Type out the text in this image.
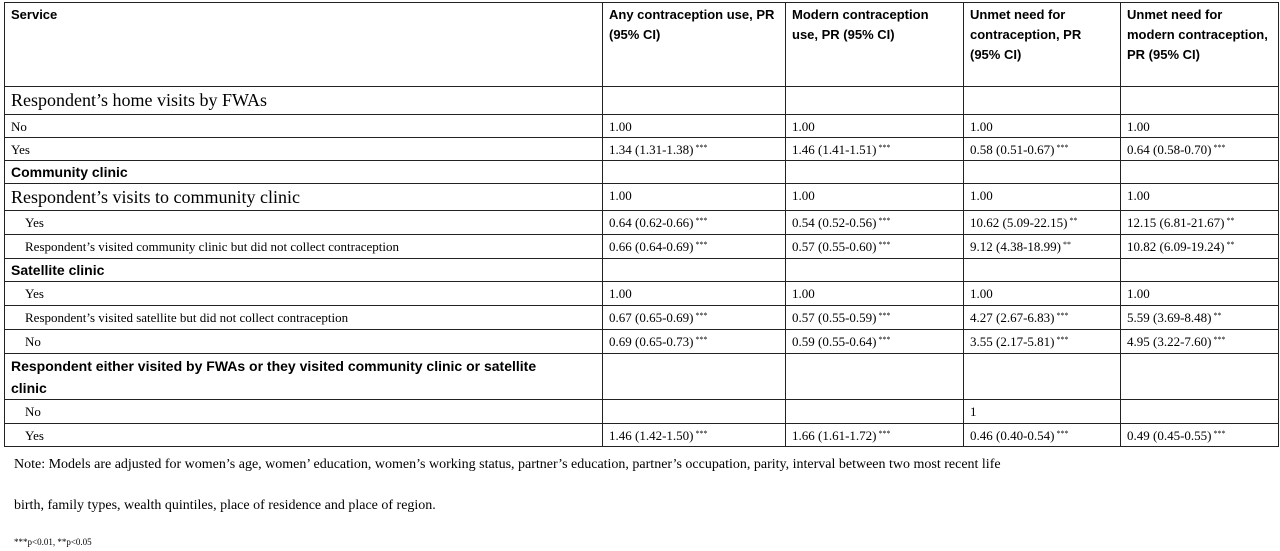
Service	Any contraception use, PR (95% CI)	Modern contraception use, PR (95% CI)	Unmet need for contraception, PR (95% CI)	Unmet need for modern contraception, PR (95% CI)
Respondent’s home visits by FWAs				
No	1.00	1.00	1.00	1.00
Yes	1.34 (1.31-1.38) ***	1.46 (1.41-1.51) ***	0.58 (0.51-0.67) ***	0.64 (0.58-0.70) ***
Community clinic				
Respondent’s visits to community clinic	1.00	1.00	1.00	1.00
Yes	0.64 (0.62-0.66) ***	0.54 (0.52-0.56) ***	10.62 (5.09-22.15) **	12.15 (6.81-21.67) **
Respondent’s visited community clinic but did not collect contraception	0.66 (0.64-0.69) ***	0.57 (0.55-0.60) ***	9.12 (4.38-18.99) **	10.82 (6.09-19.24) **
Satellite clinic				
Yes	1.00	1.00	1.00	1.00
Respondent’s visited satellite but did not collect contraception	0.67 (0.65-0.69) ***	0.57 (0.55-0.59) ***	4.27 (2.67-6.83) ***	5.59 (3.69-8.48) **
No	0.69 (0.65-0.73) ***	0.59 (0.55-0.64) ***	3.55 (2.17-5.81) ***	4.95 (3.22-7.60) ***
Respondent either visited by FWAs or they visited community clinic or satellite clinic				
No			1	
Yes	1.46 (1.42-1.50) ***	1.66 (1.61-1.72) ***	0.46 (0.40-0.54) ***	0.49 (0.45-0.55) ***
Note: Models are adjusted for women’s age, women’ education, women’s working status, partner’s education, partner’s occupation, parity, interval between two most recent life
birth, family types, wealth quintiles, place of residence and place of region.
***p<0.01, **p<0.05
